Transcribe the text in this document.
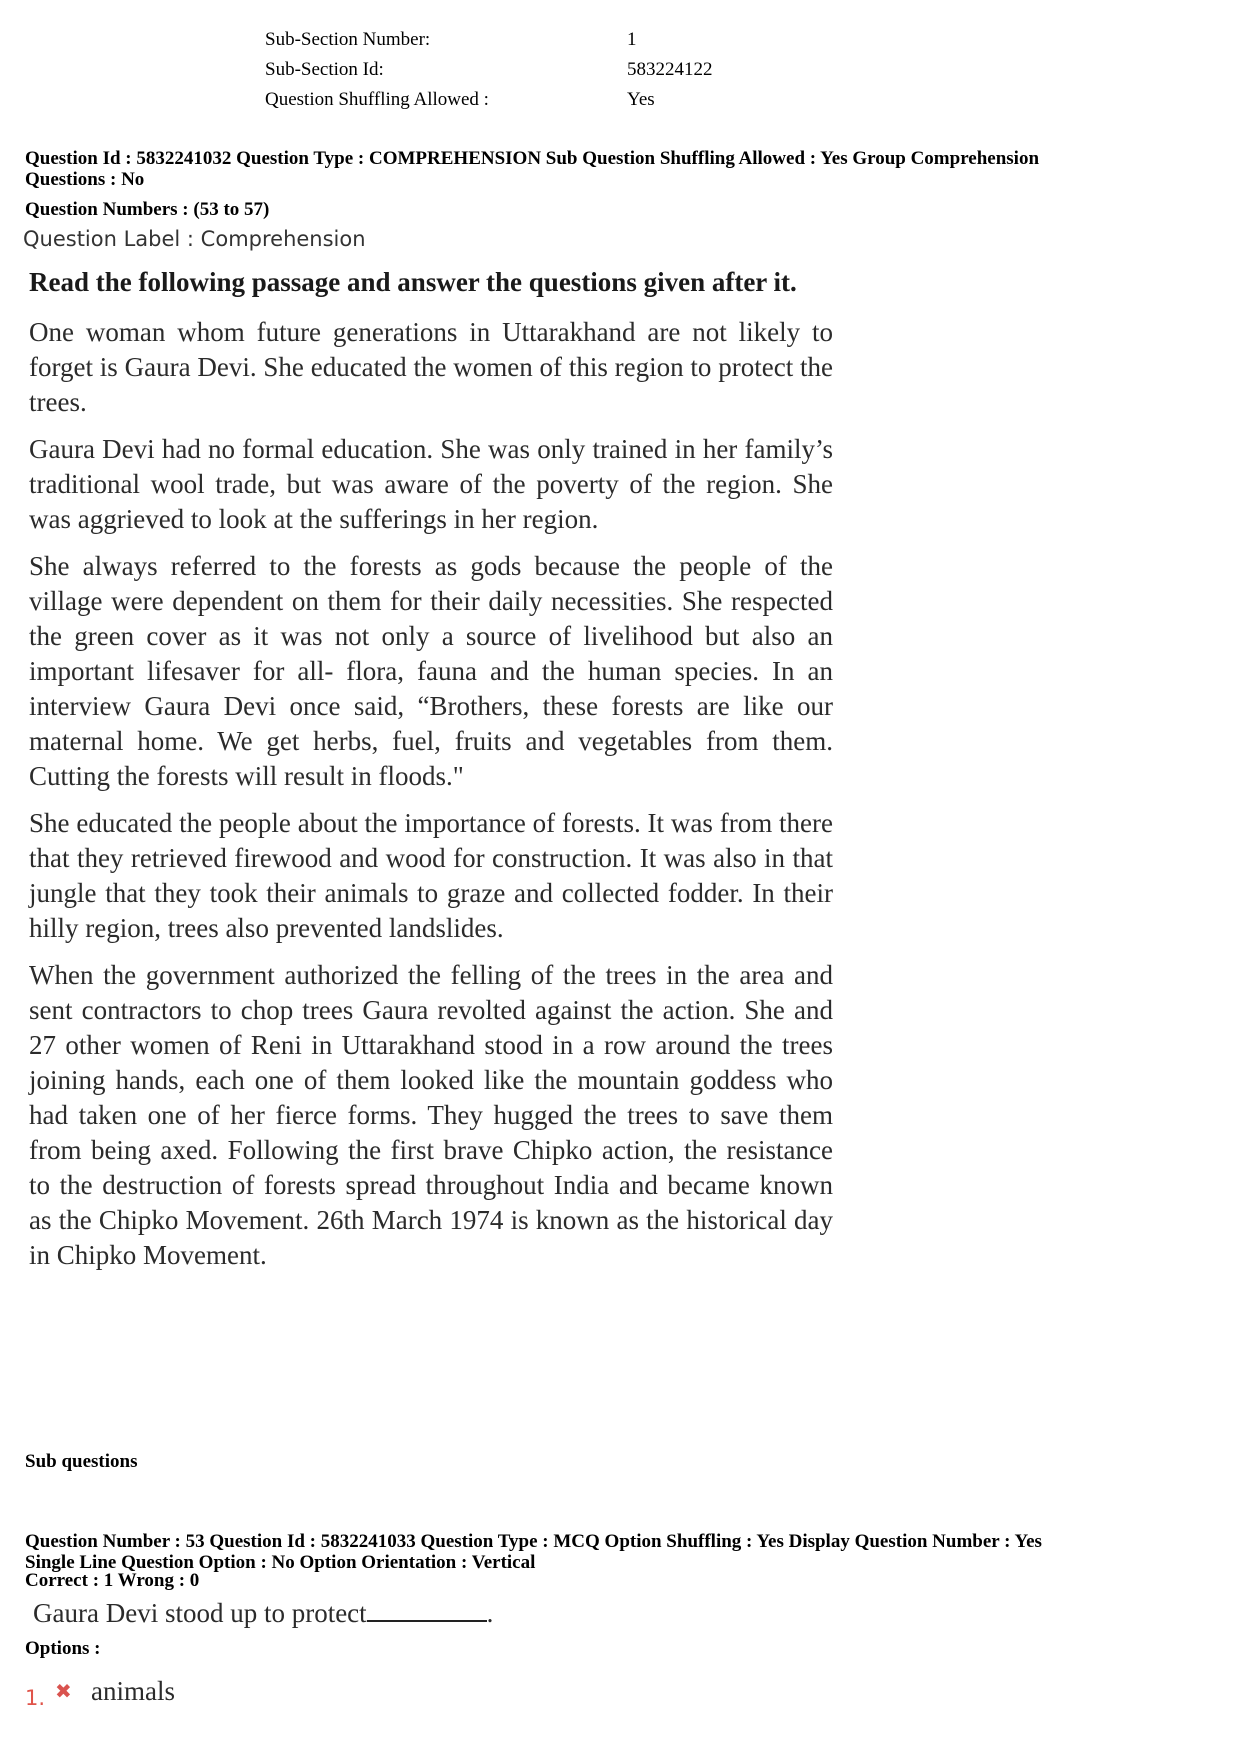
Sub-Section Number:	1
Sub-Section Id:	583224122
Question Shuffling Allowed :	Yes
Question Id : 5832241032 Question Type : COMPREHENSION Sub Question Shuffling Allowed : Yes Group Comprehension
Questions : No
Question Numbers : (53 to 57)
Question Label : Comprehension
Read the following passage and answer the questions given after it.

One woman whom future generations in Uttarakhand are not likely to forget is Gaura Devi. She educated the women of this region to protect the trees.

Gaura Devi had no formal education. She was only trained in her family’s traditional wool trade, but was aware of the poverty of the region. She was aggrieved to look at the sufferings in her region.

She always referred to the forests as gods because the people of the village were dependent on them for their daily necessities. She respected the green cover as it was not only a source of livelihood but also an important lifesaver for all- flora, fauna and the human species. In an interview Gaura Devi once said, “Brothers, these forests are like our maternal home. We get herbs, fuel, fruits and vegetables from them. Cutting the forests will result in floods."

She educated the people about the importance of forests. It was from there that they retrieved firewood and wood for construction. It was also in that jungle that they took their animals to graze and collected fodder. In their hilly region, trees also prevented landslides.

When the government authorized the felling of the trees in the area and sent contractors to chop trees Gaura revolted against the action. She and 27 other women of Reni in Uttarakhand stood in a row around the trees joining hands, each one of them looked like the mountain goddess who had taken one of her fierce forms. They hugged the trees to save them from being axed. Following the first brave Chipko action, the resistance to the destruction of forests spread throughout India and became known as the Chipko Movement. 26th March 1974 is known as the historical day in Chipko Movement.

Sub questions
Question Number : 53 Question Id : 5832241033 Question Type : MCQ Option Shuffling : Yes Display Question Number : Yes
Single Line Question Option : No Option Orientation : Vertical
Correct : 1 Wrong : 0
Gaura Devi stood up to protect	.
Options :
1. ✖ animals
